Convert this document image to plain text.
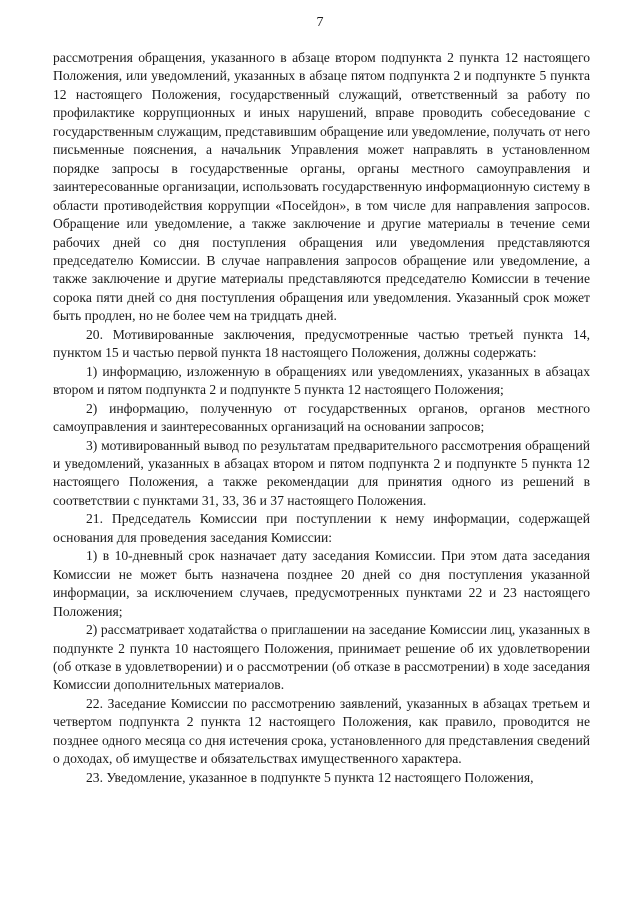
7

рассмотрения обращения, указанного в абзаце втором подпункта 2 пункта 12 настоящего Положения, или уведомлений, указанных в абзаце пятом подпункта 2 и подпункте 5 пункта 12 настоящего Положения, государственный служащий, ответственный за работу по профилактике коррупционных и иных нарушений, вправе проводить собеседование с государственным служащим, представившим обращение или уведомление, получать от него письменные пояснения, а начальник Управления может направлять в установленном порядке запросы в государственные органы, органы местного самоуправления и заинтересованные организации, использовать государственную информационную систему в области противодействия коррупции «Посейдон», в том числе для направления запросов. Обращение или уведомление, а также заключение и другие материалы в течение семи рабочих дней со дня поступления обращения или уведомления представляются председателю Комиссии. В случае направления запросов обращение или уведомление, а также заключение и другие материалы представляются председателю Комиссии в течение сорока пяти дней со дня поступления обращения или уведомления. Указанный срок может быть продлен, но не более чем на тридцать дней.

20. Мотивированные заключения, предусмотренные частью третьей пункта 14, пунктом 15 и частью первой пункта 18 настоящего Положения, должны содержать:

1) информацию, изложенную в обращениях или уведомлениях, указанных в абзацах втором и пятом подпункта 2 и подпункте 5 пункта 12 настоящего Положения;

2) информацию, полученную от государственных органов, органов местного самоуправления и заинтересованных организаций на основании запросов;

3) мотивированный вывод по результатам предварительного рассмотрения обращений и уведомлений, указанных в абзацах втором и пятом подпункта 2 и подпункте 5 пункта 12 настоящего Положения, а также рекомендации для принятия одного из решений в соответствии с пунктами 31, 33, 36 и 37 настоящего Положения.

21. Председатель Комиссии при поступлении к нему информации, содержащей основания для проведения заседания Комиссии:

1) в 10-дневный срок назначает дату заседания Комиссии. При этом дата заседания Комиссии не может быть назначена позднее 20 дней со дня поступления указанной информации, за исключением случаев, предусмотренных пунктами 22 и 23 настоящего Положения;

2) рассматривает ходатайства о приглашении на заседание Комиссии лиц, указанных в подпункте 2 пункта 10 настоящего Положения, принимает решение об их удовлетворении (об отказе в удовлетворении) и о рассмотрении (об отказе в рассмотрении) в ходе заседания Комиссии дополнительных материалов.

22. Заседание Комиссии по рассмотрению заявлений, указанных в абзацах третьем и четвертом подпункта 2 пункта 12 настоящего Положения, как правило, проводится не позднее одного месяца со дня истечения срока, установленного для представления сведений о доходах, об имуществе и обязательствах имущественного характера.

23. Уведомление, указанное в подпункте 5 пункта 12 настоящего Положения,
